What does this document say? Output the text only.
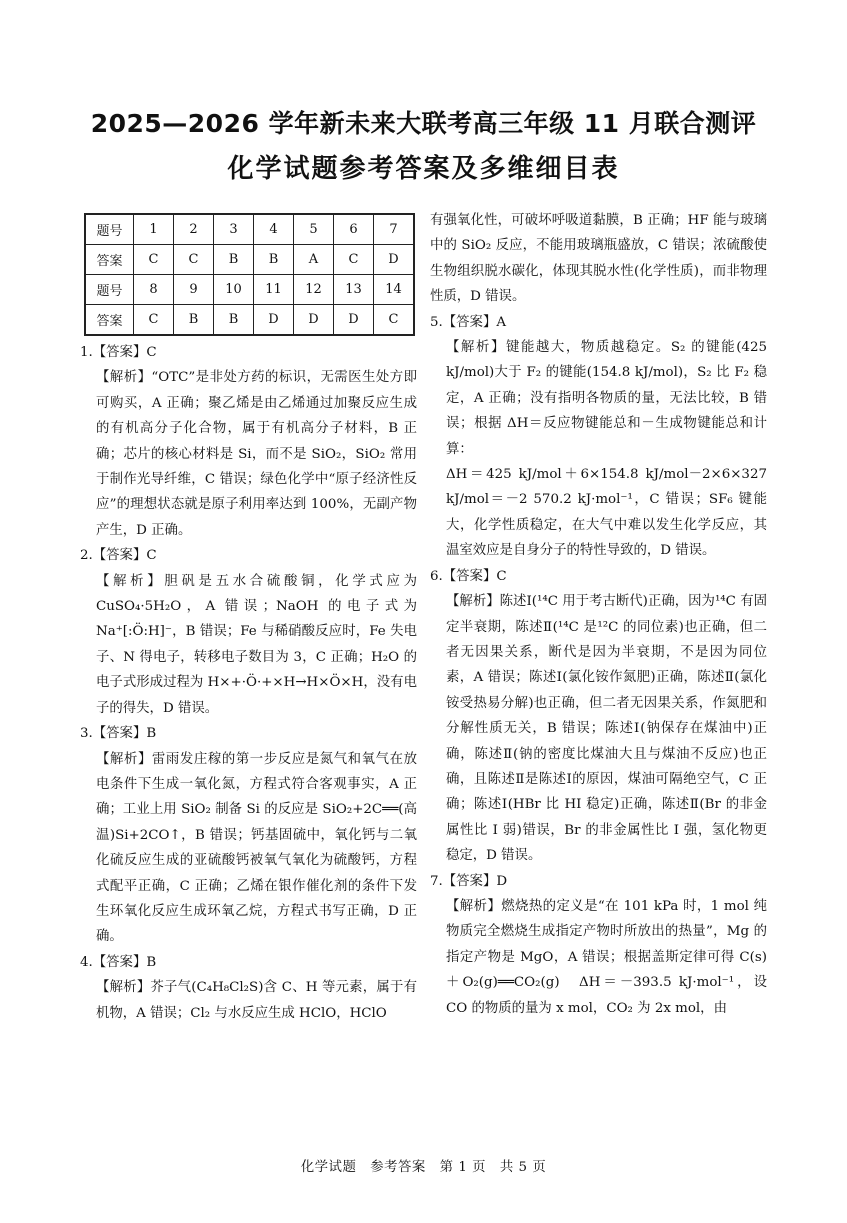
2025—2026 学年新未来大联考高三年级 11 月联合测评
化学试题参考答案及多维细目表
题号	1	2	3	4	5	6	7
答案	C	C	B	B	A	C	D
题号	8	9	10	11	12	13	14
答案	C	B	B	D	D	D	C

1.【答案】C

【解析】“OTC”是非处方药的标识，无需医生处方即可购买，A 正确；聚乙烯是由乙烯通过加聚反应生成的有机高分子化合物，属于有机高分子材料，B 正确；芯片的核心材料是 Si，而不是 SiO₂，SiO₂ 常用于制作光导纤维，C 错误；绿色化学中“原子经济性反应”的理想状态就是原子利用率达到 100%，无副产物产生，D 正确。

2.【答案】C

【解析】胆矾是五水合硫酸铜，化学式应为 CuSO₄·5H₂O，A 错误；NaOH 的电子式为 Na⁺[:Ö:H]⁻，B 错误；Fe 与稀硝酸反应时，Fe 失电子、N 得电子，转移电子数目为 3，C 正确；H₂O 的电子式形成过程为 H×+·Ö·+×H→H×Ö×H，没有电子的得失，D 错误。

3.【答案】B

【解析】雷雨发庄稼的第一步反应是氮气和氧气在放电条件下生成一氧化氮，方程式符合客观事实，A 正确；工业上用 SiO₂ 制备 Si 的反应是 SiO₂+2C══(高温)Si+2CO↑，B 错误；钙基固硫中，氧化钙与二氧化硫反应生成的亚硫酸钙被氧气氧化为硫酸钙，方程式配平正确，C 正确；乙烯在银作催化剂的条件下发生环氧化反应生成环氧乙烷，方程式书写正确，D 正确。

4.【答案】B

【解析】芥子气(C₄H₈Cl₂S)含 C、H 等元素，属于有机物，A 错误；Cl₂ 与水反应生成 HClO，HClO

有强氧化性，可破坏呼吸道黏膜，B 正确；HF 能与玻璃中的 SiO₂ 反应，不能用玻璃瓶盛放，C 错误；浓硫酸使生物组织脱水碳化，体现其脱水性(化学性质)，而非物理性质，D 错误。

5.【答案】A

【解析】键能越大，物质越稳定。S₂ 的键能(425 kJ/mol)大于 F₂ 的键能(154.8 kJ/mol)，S₂ 比 F₂ 稳定，A 正确；没有指明各物质的量，无法比较，B 错误；根据 ΔH＝反应物键能总和－生成物键能总和计算：

ΔH＝425 kJ/mol＋6×154.8 kJ/mol－2×6×327 kJ/mol＝－2 570.2 kJ·mol⁻¹，C 错误；SF₆ 键能大，化学性质稳定，在大气中难以发生化学反应，其温室效应是自身分子的特性导致的，D 错误。

6.【答案】C

【解析】陈述Ⅰ(¹⁴C 用于考古断代)正确，因为¹⁴C 有固定半衰期，陈述Ⅱ(¹⁴C 是¹²C 的同位素)也正确，但二者无因果关系，断代是因为半衰期，不是因为同位素，A 错误；陈述Ⅰ(氯化铵作氮肥)正确，陈述Ⅱ(氯化铵受热易分解)也正确，但二者无因果关系，作氮肥和分解性质无关，B 错误；陈述Ⅰ(钠保存在煤油中)正确，陈述Ⅱ(钠的密度比煤油大且与煤油不反应)也正确，且陈述Ⅱ是陈述Ⅰ的原因，煤油可隔绝空气，C 正确；陈述Ⅰ(HBr 比 HI 稳定)正确，陈述Ⅱ(Br 的非金属性比 I 弱)错误，Br 的非金属性比 I 强，氢化物更稳定，D 错误。

7.【答案】D

【解析】燃烧热的定义是“在 101 kPa 时，1 mol 纯物质完全燃烧生成指定产物时所放出的热量”，Mg 的指定产物是 MgO，A 错误；根据盖斯定律可得 C(s)＋O₂(g)══CO₂(g)　ΔH＝－393.5 kJ·mol⁻¹，设 CO 的物质的量为 x mol，CO₂ 为 2x mol，由

化学试题　参考答案　第 1 页　共 5 页
